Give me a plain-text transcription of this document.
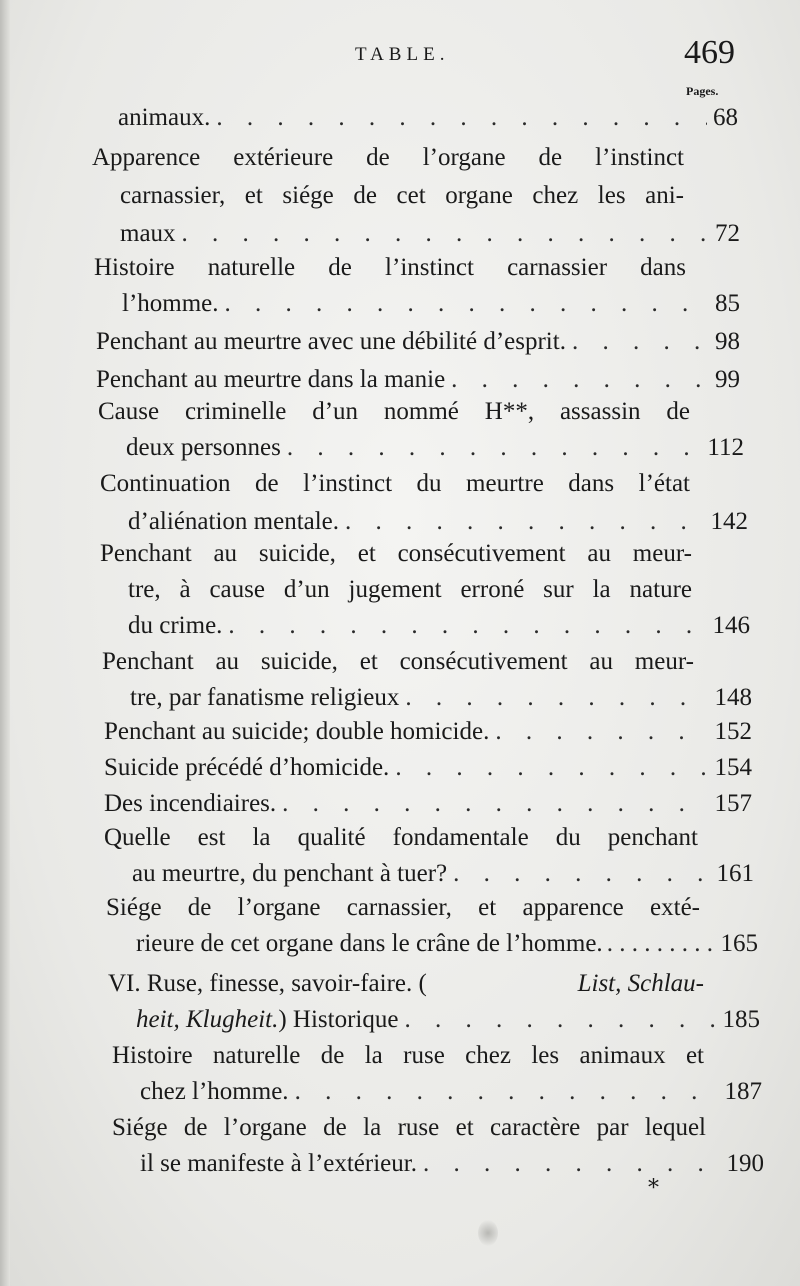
TABLE.	469
Pages.
animaux. . . .	68
Apparence extérieure de l’organe de l’instinct
carnassier, et siége de cet organe chez les ani-
maux . . .	72
Histoire naturelle de l’instinct carnassier dans
l’homme. . . .	85
Penchant au meurtre avec une débilité d’esprit. . . .	98
Penchant au meurtre dans la manie . . .	99
Cause criminelle d’un nommé H**, assassin de
deux personnes . . .	112
Continuation de l’instinct du meurtre dans l’état
d’aliénation mentale. . . .	142
Penchant au suicide, et consécutivement au meur-
tre, à cause d’un jugement erroné sur la nature
du crime. . . .	146
Penchant au suicide, et consécutivement au meur-
tre, par fanatisme religieux . . .	148
Penchant au suicide; double homicide. . . .	152
Suicide précédé d’homicide. . . .	154
Des incendiaires. . . .	157
Quelle est la qualité fondamentale du penchant
au meurtre, du penchant à tuer? . . .	161
Siége de l’organe carnassier, et apparence exté-
rieure de cet organe dans le crâne de l’homme. . . .	165
VI. Ruse, finesse, savoir-faire. (	List, Schlau-
heit, Klugheit. ) Historique . . .	185
Histoire naturelle de la ruse chez les animaux et
chez l’homme. . . .	187
Siége de l’organe de la ruse et caractère par lequel
il se manifeste à l’extérieur. . . .	190
*
